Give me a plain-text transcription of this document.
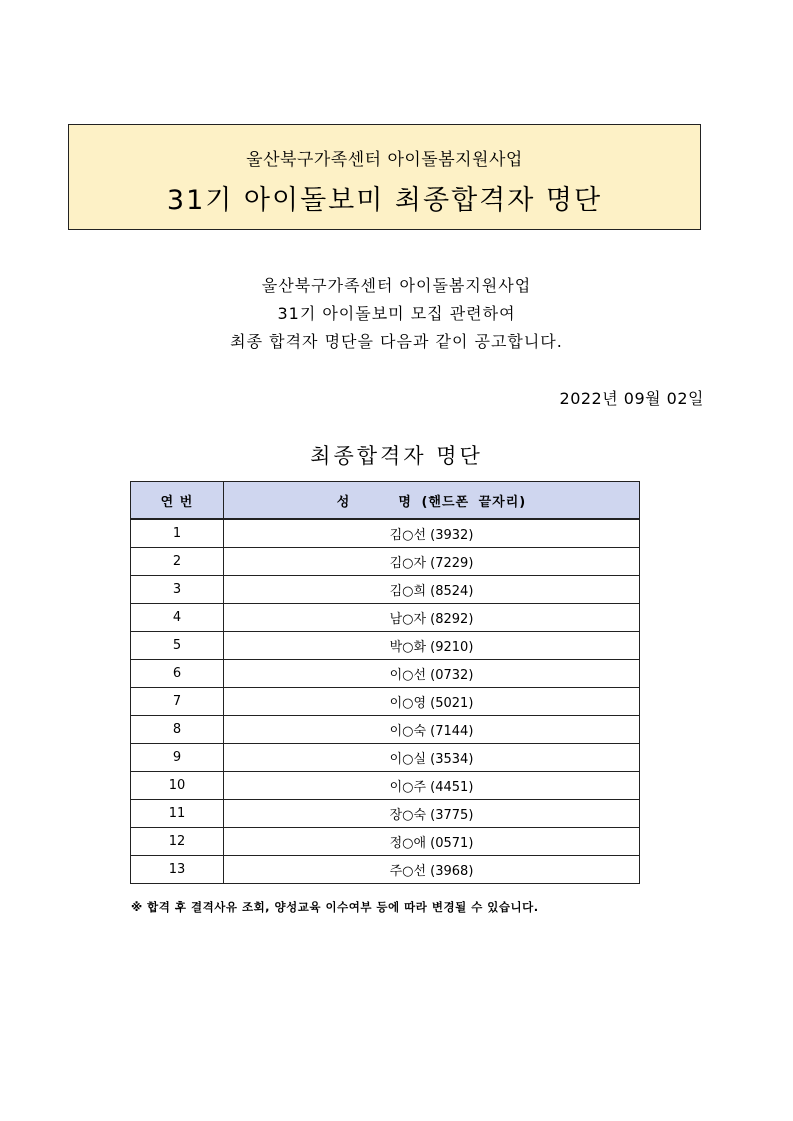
울산북구가족센터 아이돌봄지원사업
31기 아이돌보미 최종합격자 명단
울산북구가족센터 아이돌봄지원사업
31기 아이돌보미 모집 관련하여
최종 합격자 명단을 다음과 같이 공고합니다.
2022년 09월 02일
최종합격자 명단
연 번	성 명 (핸드폰 끝자리)
1	김○선 (3932)
2	김○자 (7229)
3	김○희 (8524)
4	남○자 (8292)
5	박○화 (9210)
6	이○선 (0732)
7	이○영 (5021)
8	이○숙 (7144)
9	이○실 (3534)
10	이○주 (4451)
11	장○숙 (3775)
12	정○애 (0571)
13	주○선 (3968)
※ 합격 후 결격사유 조회, 양성교육 이수여부 등에 따라 변경될 수 있습니다.
